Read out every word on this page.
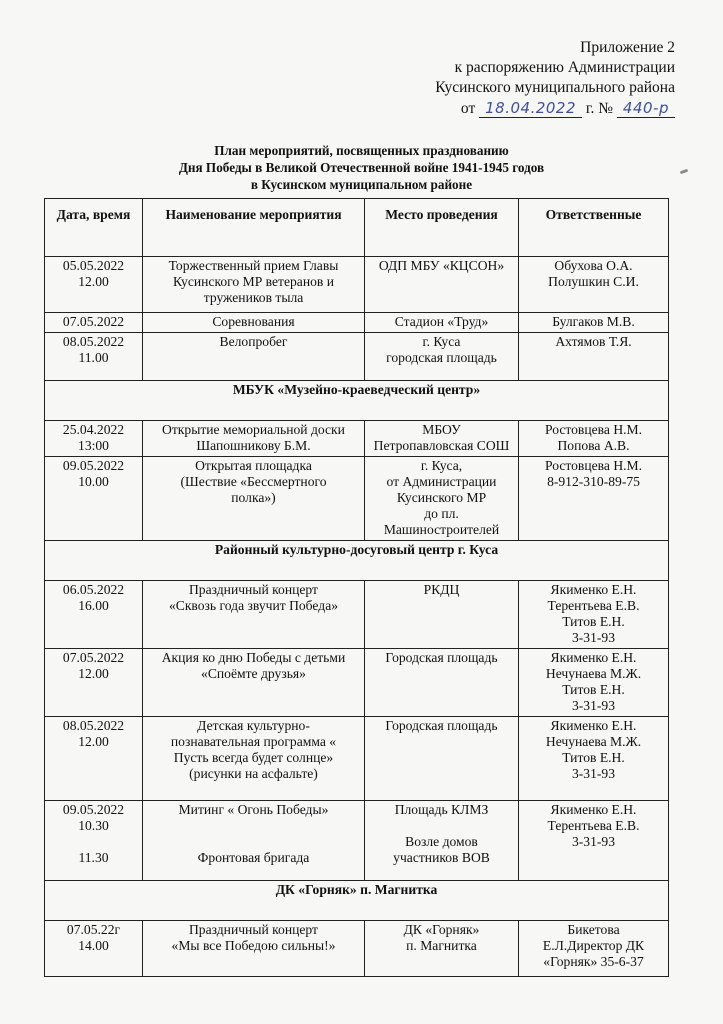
Приложение 2
к распоряжению Администрации
Кусинского муниципального района
от 18.04.2022 г. № 440-р
План мероприятий, посвященных празднованию
Дня Победы в Великой Отечественной войне 1941-1945 годов
в Кусинском муниципальном районе
Дата, время	Наименование мероприятия	Место проведения	Ответственные

05.05.2022
12.00	Торжественный прием Главы
Кусинского МР ветеранов и
тружеников тыла	ОДП МБУ «КЦСОН»	Обухова О.А.
Полушкин С.И.

07.05.2022	Соревнования	Стадион «Труд»	Булгаков М.В.

08.05.2022
11.00	Велопробег	г. Куса
городская площадь	Ахтямов Т.Я.

МБУК «Музейно-краеведческий центр»			

25.04.2022
13:00	Открытие мемориальной доски
Шапошникову Б.М.	МБОУ
Петропавловская СОШ	Ростовцева Н.М.
Попова А.В.

09.05.2022
10.00	Открытая площадка
(Шествие «Бессмертного
полка»)	г. Куса,
от Администрации
Кусинского МР
до пл.
Машиностроителей	Ростовцева Н.М.
8-912-310-89-75

Районный культурно-досуговый центр г. Куса			

06.05.2022
16.00	Праздничный концерт
«Сквозь года звучит Победа»	РКДЦ	Якименко Е.Н.
Терентьева Е.В.
Титов Е.Н.
3-31-93

07.05.2022
12.00	Акция ко дню Победы с детьми
«Споёмте друзья»	Городская площадь	Якименко Е.Н.
Нечунаева М.Ж.
Титов Е.Н.
3-31-93

08.05.2022
12.00	Детская культурно-
познавательная программа «
Пусть всегда будет солнце»
(рисунки на асфальте)	Городская площадь	Якименко Е.Н.
Нечунаева М.Ж.
Титов Е.Н.
3-31-93

09.05.2022
10.30

11.30	Митинг « Огонь Победы»

Фронтовая бригада	Площадь КЛМЗ

Возле домов
участников ВОВ	Якименко Е.Н.
Терентьева Е.В.
3-31-93

ДК «Горняк» п. Магнитка			

07.05.22г
14.00	Праздничный концерт
«Мы все Победою сильны!»	ДК «Горняк»
п. Магнитка	Бикетова
Е.Л.Директор ДК
«Горняк» 35-6-37
